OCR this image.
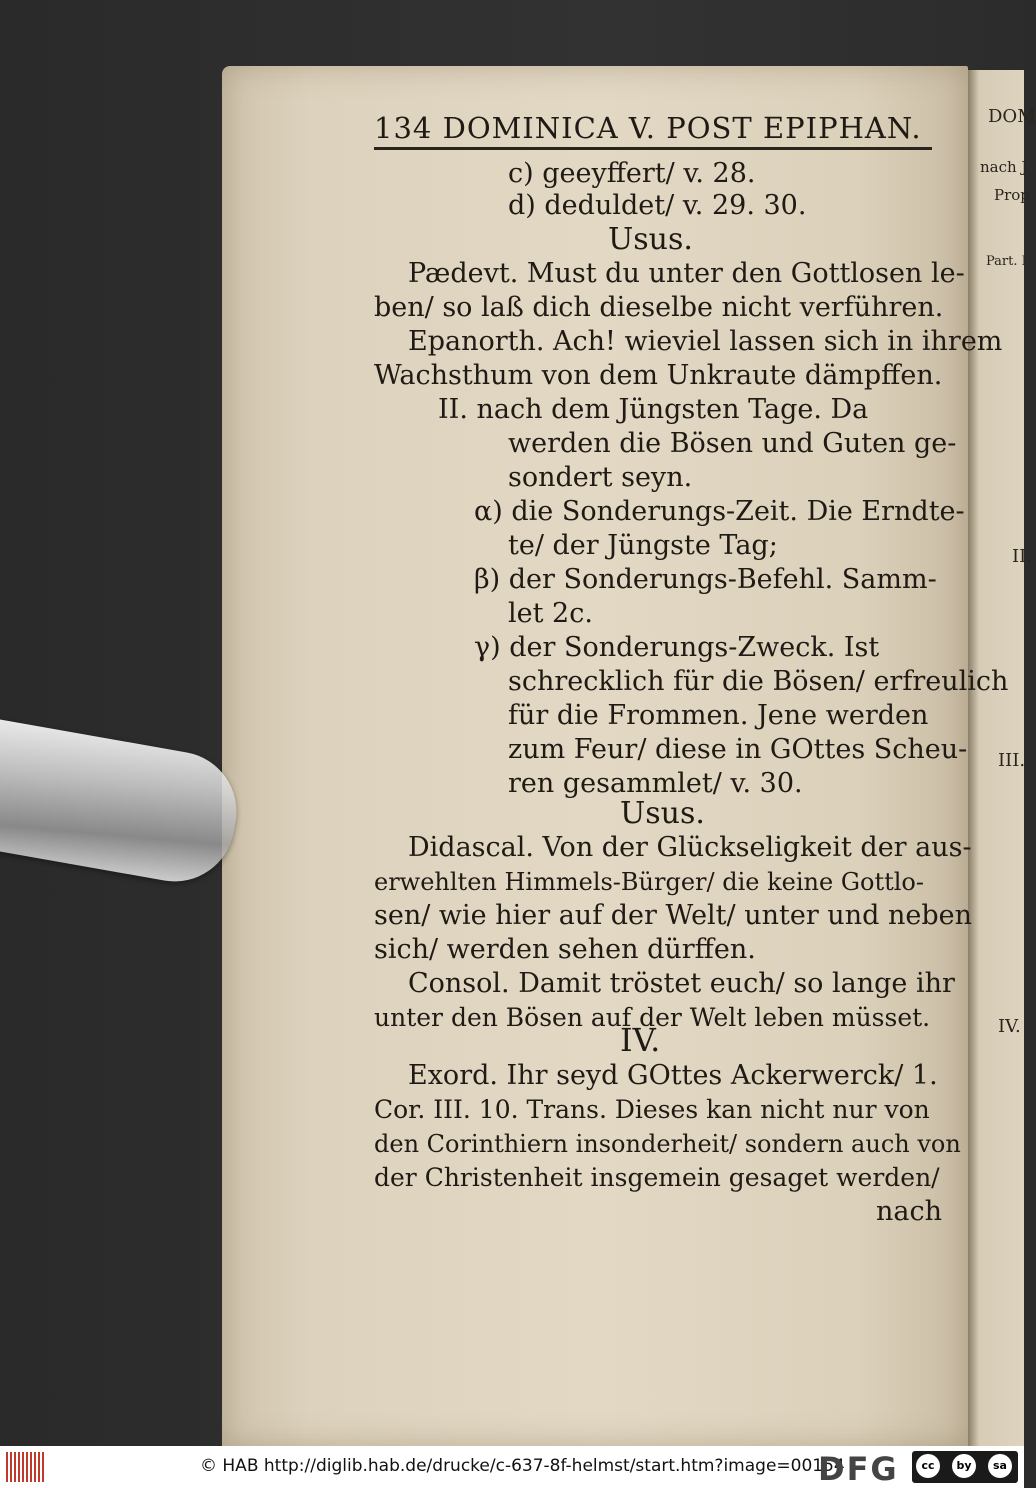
DOM
nach J
Prop
Part. I
II.
III.
IV.
134 DOMINICA V. POST EPIPHAN.
c) geeyffert/ v. 28.
d) deduldet/ v. 29. 30.
Usus.
Pædevt. Must du unter den Gottlosen le-
ben/ so laß dich dieselbe nicht verführen.
Epanorth. Ach! wieviel lassen sich in ihrem
Wachsthum von dem Unkraute dämpffen.
II. nach dem Jüngsten Tage. Da
werden die Bösen und Guten ge-
sondert seyn.
α) die Sonderungs-Zeit. Die Erndte-
te/ der Jüngste Tag;
β) der Sonderungs-Befehl. Samm-
let 2c.
γ) der Sonderungs-Zweck. Ist
schrecklich für die Bösen/ erfreulich
für die Frommen. Jene werden
zum Feur/ diese in GOttes Scheu-
ren gesammlet/ v. 30.
Usus.
Didascal. Von der Glückseligkeit der aus-
erwehlten Himmels-Bürger/ die keine Gottlo-
sen/ wie hier auf der Welt/ unter und neben
sich/ werden sehen dürffen.
Consol. Damit tröstet euch/ so lange ihr
unter den Bösen auf der Welt leben müsset.
IV.
Exord. Ihr seyd GOttes Ackerwerck/ 1.
Cor. III. 10. Trans. Dieses kan nicht nur von
den Corinthiern insonderheit/ sondern auch von
der Christenheit insgemein gesaget werden/
nach
© HAB http://diglib.hab.de/drucke/c-637-8f-helmst/start.htm?image=00154
DFG	cc	by	sa
